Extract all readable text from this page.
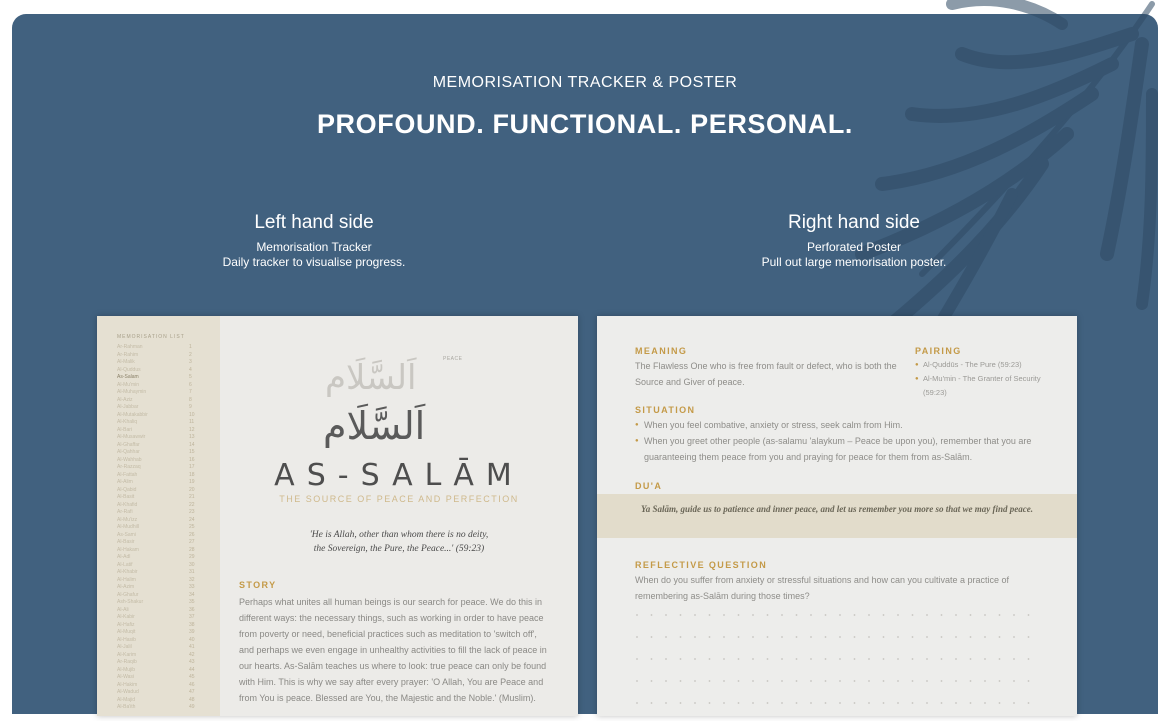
MEMORISATION TRACKER & POSTER
PROFOUND. FUNCTIONAL. PERSONAL.
Left hand side
Memorisation Tracker
Daily tracker to visualise progress.
Right hand side
Perforated Poster
Pull out large memorisation poster.
MEMORISATION LIST
Ar-Rahman	1
Ar-Rahim	2
Al-Malik	3
Al-Quddus	4
As-Salam	5
Al-Mu'min	6
Al-Muhaymin	7
Al-Aziz	8
Al-Jabbar	9
Al-Mutakabbir	10
Al-Khaliq	11
Al-Bari	12
Al-Musawwir	13
Al-Ghaffar	14
Al-Qahhar	15
Al-Wahhab	16
Ar-Razzaq	17
Al-Fattah	18
Al-Alim	19
Al-Qabid	20
Al-Basit	21
Al-Khafid	22
Ar-Rafi	23
Al-Mu'izz	24
Al-Mudhill	25
As-Sami	26
Al-Basir	27
Al-Hakam	28
Al-Adl	29
Al-Latif	30
Al-Khabir	31
Al-Halim	32
Al-Azim	33
Al-Ghafur	34
Ash-Shakur	35
Al-Ali	36
Al-Kabir	37
Al-Hafiz	38
Al-Muqit	39
Al-Hasib	40
Al-Jalil	41
Al-Karim	42
Ar-Raqib	43
Al-Mujib	44
Al-Wasi	45
Al-Hakim	46
Al-Wadud	47
Al-Majid	48
Al-Ba'ith	49
PEACE
اَلسَّلَام
اَلسَّلَام
AS-SALĀM
THE SOURCE OF PEACE AND PERFECTION
'He is Allah, other than whom there is no deity,
the Sovereign, the Pure, the Peace...' (59:23)
STORY
Perhaps what unites all human beings is our search for peace. We do this in different ways: the necessary things, such as working in order to have peace from poverty or need, beneficial practices such as meditation to 'switch off', and perhaps we even engage in unhealthy activities to fill the lack of peace in our hearts. As-Salām teaches us where to look: true peace can only be found with Him. This is why we say after every prayer: 'O Allah, You are Peace and from You is peace. Blessed are You, the Majestic and the Noble.' (Muslim).
MEANING
The Flawless One who is free from fault or defect, who is both the Source and Giver of peace.
PAIRING
● Al-Quddūs - The Pure (59:23)
● Al-Mu'min - The Granter of Security (59:23)
SITUATION
● When you feel combative, anxiety or stress, seek calm from Him.
● When you greet other people (as-salamu 'alaykum – Peace be upon you), remember that you are guaranteeing them peace from you and praying for peace for them from as-Salām.
DU'A
Ya Salām, guide us to patience and inner peace, and let us remember you more so that we may find peace.
REFLECTIVE QUESTION
When do you suffer from anxiety or stressful situations and how can you cultivate a practice of remembering as-Salām during those times?
